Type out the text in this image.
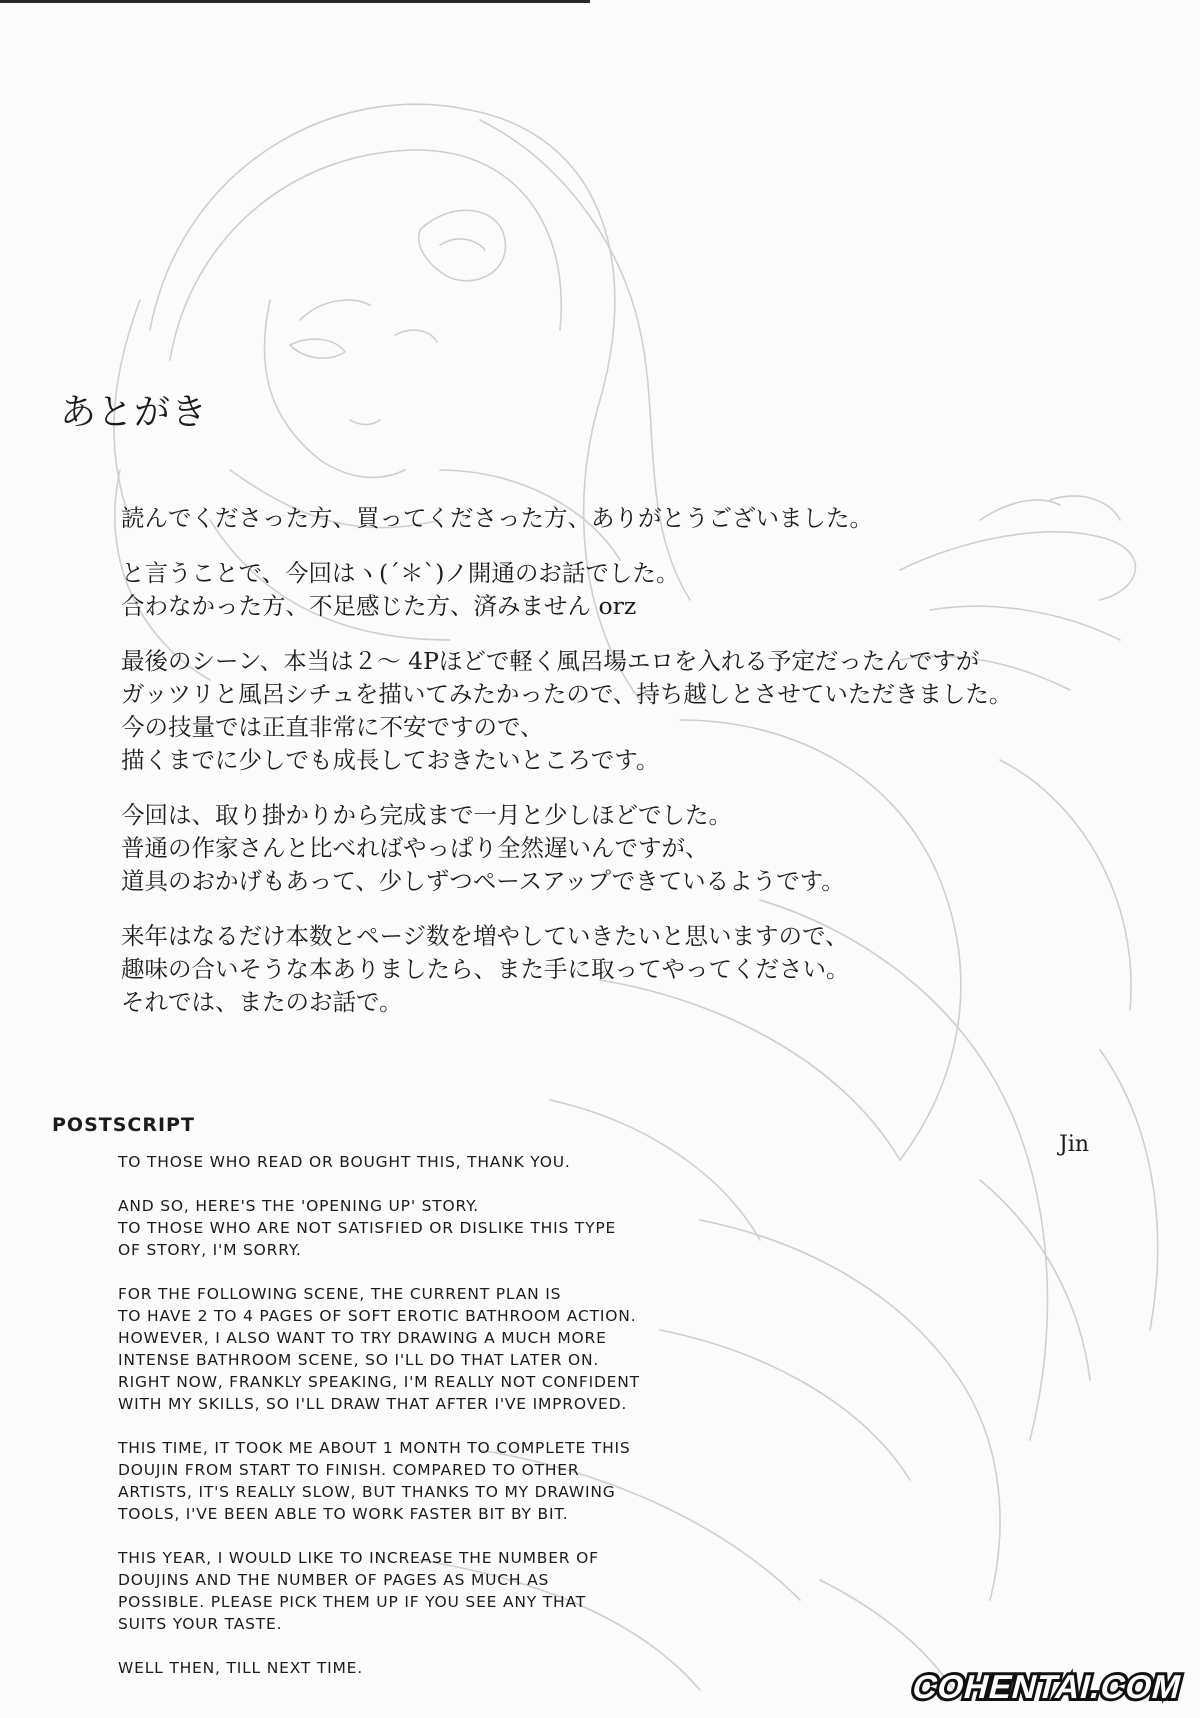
あとがき

読んでくださった方、買ってくださった方、ありがとうございました。

と言うことで、今回はヽ(´＊`)ノ開通のお話でした。
合わなかった方、不足感じた方、済みません orz

最後のシーン、本当は２～ 4Pほどで軽く風呂場エロを入れる予定だったんですが
ガッツリと風呂シチュを描いてみたかったので、持ち越しとさせていただきました。
今の技量では正直非常に不安ですので、
描くまでに少しでも成長しておきたいところです。

今回は、取り掛かりから完成まで一月と少しほどでした。
普通の作家さんと比べればやっぱり全然遅いんですが、
道具のおかげもあって、少しずつペースアップできているようです。

来年はなるだけ本数とページ数を増やしていきたいと思いますので、
趣味の合いそうな本ありましたら、また手に取ってやってください。
それでは、またのお話で。

Jin
POSTSCRIPT

TO THOSE WHO READ OR BOUGHT THIS, THANK YOU.

AND SO, HERE'S THE 'OPENING UP' STORY.
TO THOSE WHO ARE NOT SATISFIED OR DISLIKE THIS TYPE
OF STORY, I'M SORRY.

FOR THE FOLLOWING SCENE, THE CURRENT PLAN IS
TO HAVE 2 TO 4 PAGES OF SOFT EROTIC BATHROOM ACTION.
HOWEVER, I ALSO WANT TO TRY DRAWING A MUCH MORE
INTENSE BATHROOM SCENE, SO I'LL DO THAT LATER ON.
RIGHT NOW, FRANKLY SPEAKING, I'M REALLY NOT CONFIDENT
WITH MY SKILLS, SO I'LL DRAW THAT AFTER I'VE IMPROVED.

THIS TIME, IT TOOK ME ABOUT 1 MONTH TO COMPLETE THIS
DOUJIN FROM START TO FINISH. COMPARED TO OTHER
ARTISTS, IT'S REALLY SLOW, BUT THANKS TO MY DRAWING
TOOLS, I'VE BEEN ABLE TO WORK FASTER BIT BY BIT.

THIS YEAR, I WOULD LIKE TO INCREASE THE NUMBER OF
DOUJINS AND THE NUMBER OF PAGES AS MUCH AS
POSSIBLE. PLEASE PICK THEM UP IF YOU SEE ANY THAT
SUITS YOUR TASTE.

WELL THEN, TILL NEXT TIME.

COHENTAI.COM
